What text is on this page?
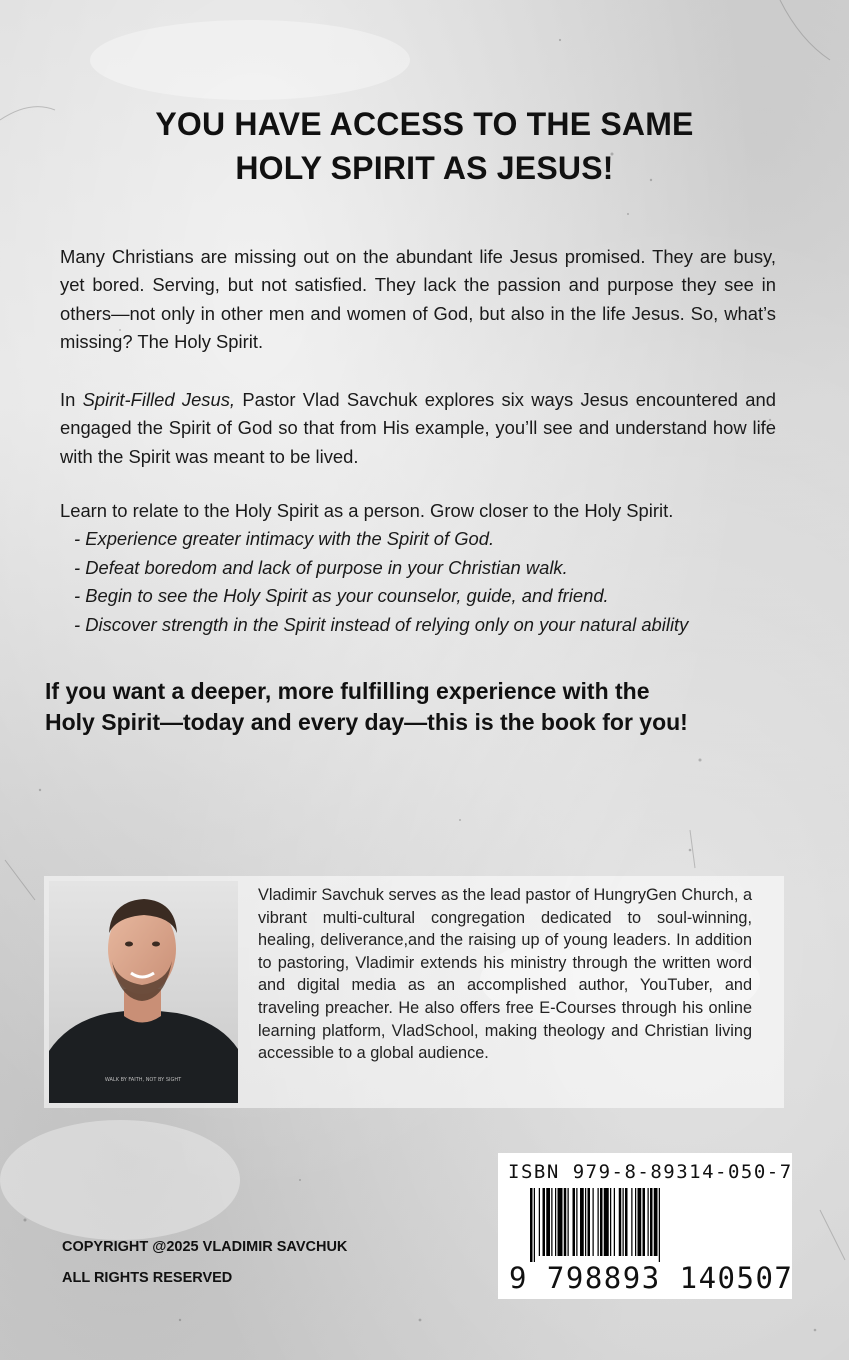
YOU HAVE ACCESS TO THE SAME
HOLY SPIRIT AS JESUS!
Many Christians are missing out on the abundant life Jesus promised. They are busy, yet bored. Serving, but not satisfied. They lack the passion and purpose they see in others—not only in other men and women of God, but also in the life Jesus. So, what’s missing? The Holy Spirit.
In Spirit-Filled Jesus, Pastor Vlad Savchuk explores six ways Jesus encountered and engaged the Spirit of God so that from His example, you’ll see and understand how life with the Spirit was meant to be lived.
Learn to relate to the Holy Spirit as a person. Grow closer to the Holy Spirit.
- Experience greater intimacy with the Spirit of God.
- Defeat boredom and lack of purpose in your Christian walk.
- Begin to see the Holy Spirit as your counselor, guide, and friend.
- Discover strength in the Spirit instead of relying only on your natural ability
If you want a deeper, more fulfilling experience with the
Holy Spirit—today and every day—this is the book for you!
WALK BY FAITH, NOT BY SIGHT
Vladimir Savchuk serves as the lead pastor of HungryGen Church, a vibrant multi-cultural congregation dedicated to soul-winning, healing, deliverance,and the raising up of young leaders. In addition to pastoring, Vladimir extends his ministry through the written word and digital media as an accomplished author, YouTuber, and traveling preacher. He also offers free E-Courses through his online learning platform, VladSchool, making theology and Christian living accessible to a global audience.
COPYRIGHT @2025 VLADIMIR SAVCHUK
ALL RIGHTS RESERVED
ISBN 979-8-89314-050-7
9 798893 140507
